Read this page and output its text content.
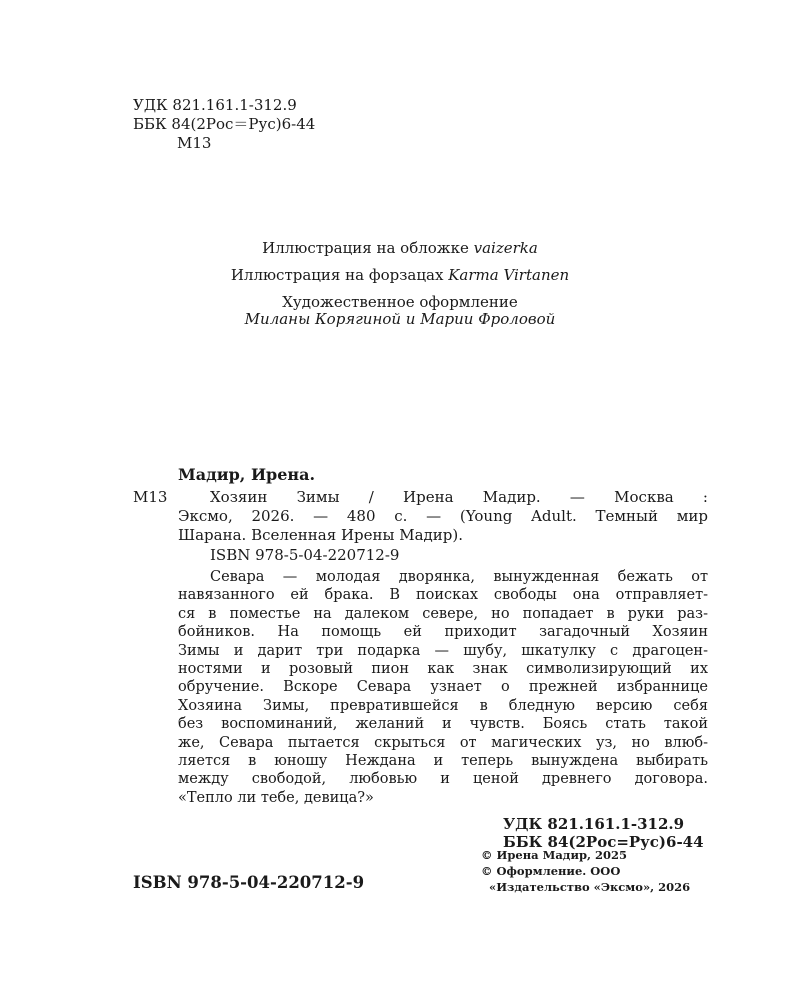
УДК 821.161.1-312.9
ББК 84(2Рос＝Рус)6-44
М13
Иллюстрация на обложке vaizerka
Иллюстрация на форзацах Karma Virtanen
Художественное оформление
Миланы Корягиной и Марии Фроловой
Мадир, Ирена.
М13	Хозяин Зимы / Ирена Мадир. — Москва :
Эксмо, 2026. — 480 с. — (Young Adult. Темный мир
Шарана. Вселенная Ирены Мадир).
ISBN 978-5-04-220712-9
Севара — молодая дворянка, вынужденная бежать от
навязанного ей брака. В поисках свободы она отправляет-
ся в поместье на далеком севере, но попадает в руки раз-
бойников. На помощь ей приходит загадочный Хозяин
Зимы и дарит три подарка — шубу, шкатулку с драгоцен-
ностями и розовый пион как знак символизирующий их
обручение. Вскоре Севара узнает о прежней избраннице
Хозяина Зимы, превратившейся в бледную версию себя
без воспоминаний, желаний и чувств. Боясь стать такой
же, Севара пытается скрыться от магических уз, но влюб-
ляется в юношу Неждана и теперь вынуждена выбирать
между свободой, любовью и ценой древнего договора.
«Тепло ли тебе, девица?»
УДК 821.161.1-312.9
ББК 84(2Рос=Рус)6-44
ISBN 978-5-04-220712-9
© Ирена Мадир, 2025
© Оформление. ООО
«Издательство «Эксмо», 2026
